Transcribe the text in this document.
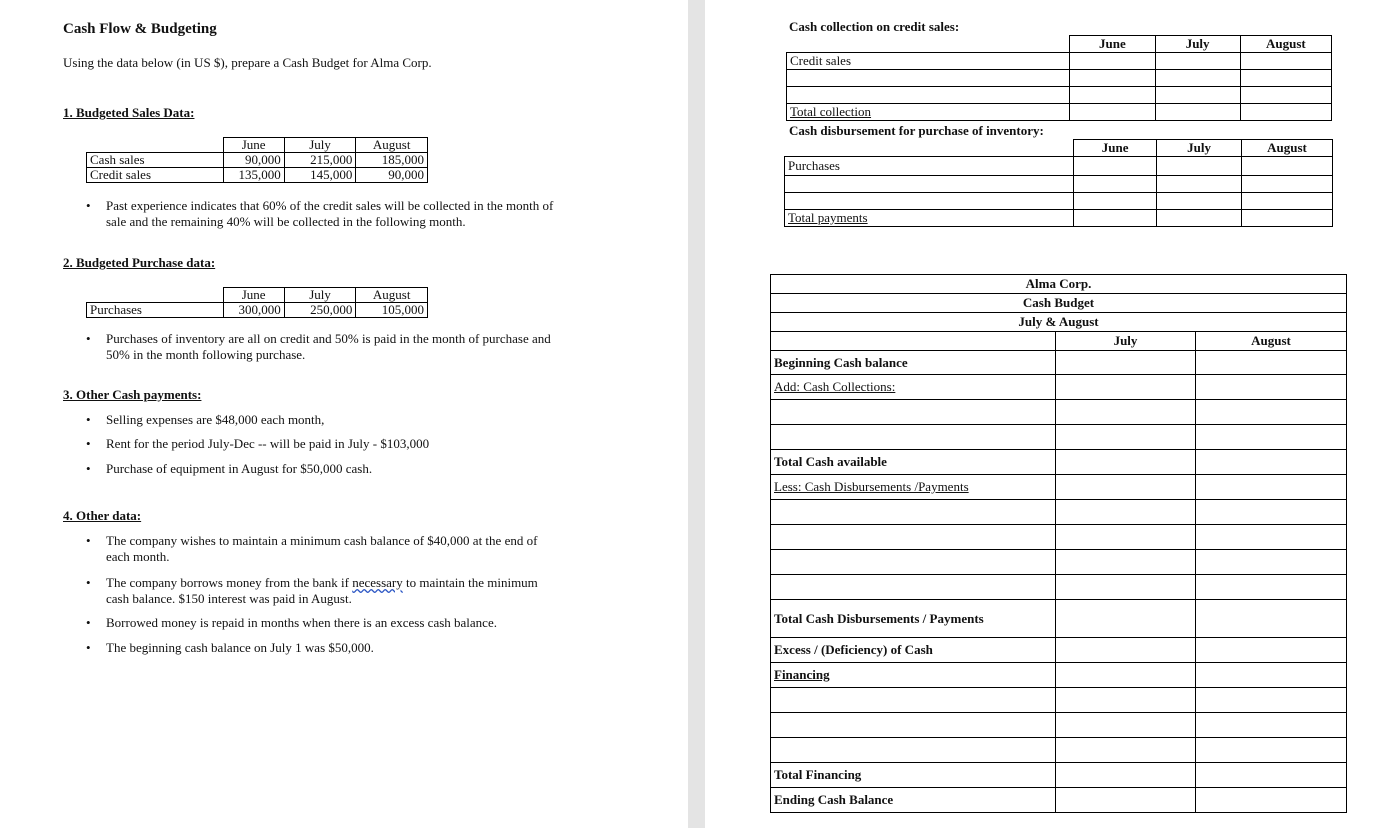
Cash Flow & Budgeting
Using the data below (in US $), prepare a Cash Budget for Alma Corp.
1. Budgeted Sales Data:
	June	July	August
Cash sales	90,000	215,000	185,000
Credit sales	135,000	145,000	90,000
• Past experience indicates that 60% of the credit sales will be collected in the month of
sale and the remaining 40% will be collected in the following month.
2. Budgeted Purchase data:
	June	July	August
Purchases	300,000	250,000	105,000
• Purchases of inventory are all on credit and 50% is paid in the month of purchase and
50% in the month following purchase.
3. Other Cash payments:
• Selling expenses are $48,000 each month,
• Rent for the period July-Dec -- will be paid in July - $103,000
• Purchase of equipment in August for $50,000 cash.
4. Other data:
• The company wishes to maintain a minimum cash balance of $40,000 at the end of
each month.
• The company borrows money from the bank if necessary to maintain the minimum
cash balance. $150 interest was paid in August.
• Borrowed money is repaid in months when there is an excess cash balance.
• The beginning cash balance on July 1 was $50,000.
Cash collection on credit sales:
	June	July	August
Credit sales			

Total collection			
Cash disbursement for purchase of inventory:
	June	July	August
Purchases			

Total payments			
Alma Corp.		
Cash Budget		
July & August		
	July	August
Beginning Cash balance		
Add: Cash Collections:		

Total Cash available		
Less: Cash Disbursements /Payments		

Total Cash Disbursements / Payments		
Excess / (Deficiency) of Cash		
Financing		

Total Financing		
Ending Cash Balance		
